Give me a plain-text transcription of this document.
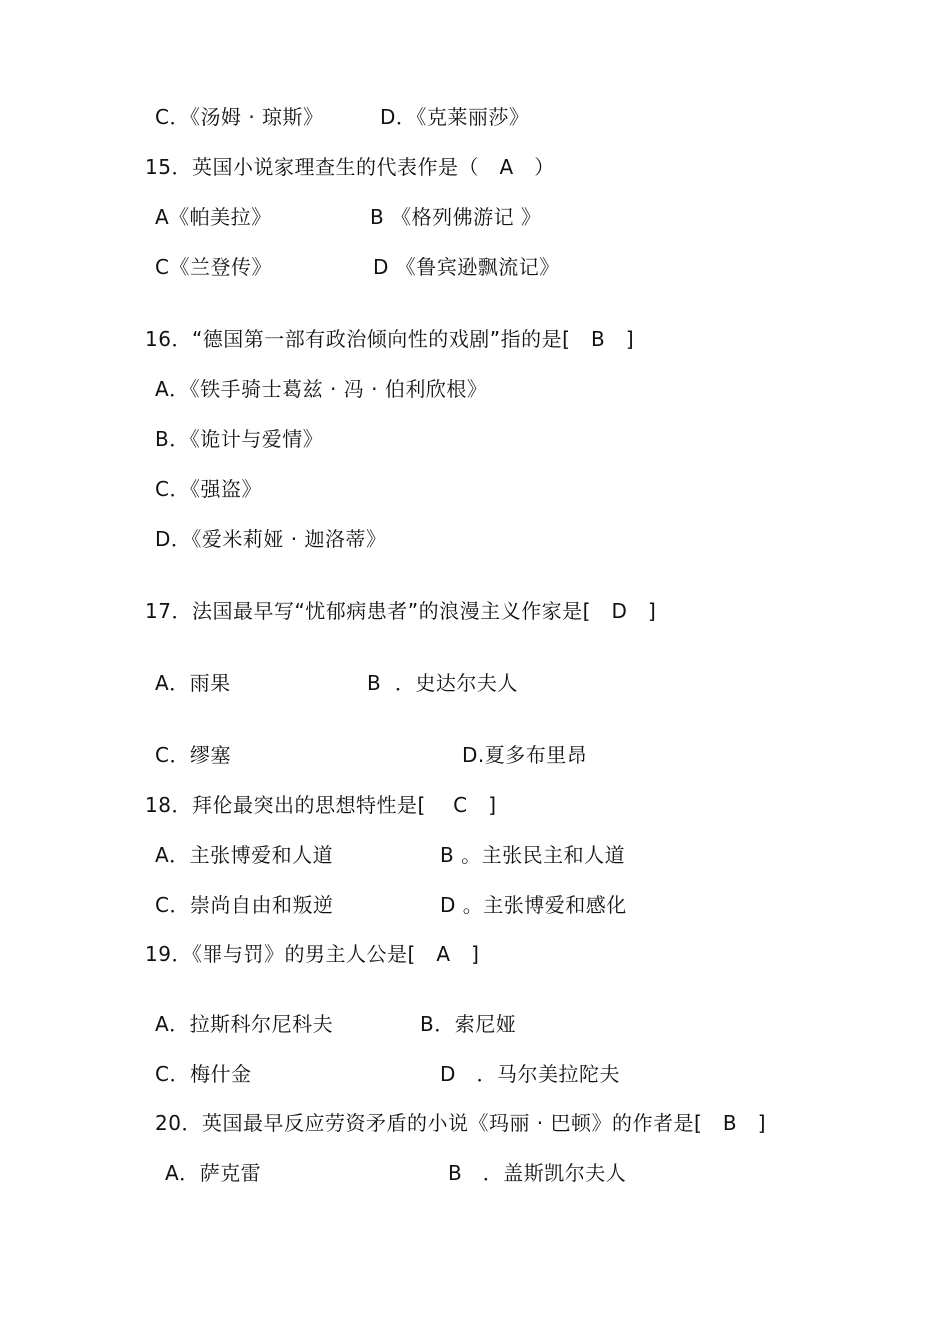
C．《汤姆 · 琼斯》	D．《克莱丽莎》
15．英国小说家理查生的代表作是（   A   ）
A《帕美拉》	B 《格列佛游记 》
C《兰登传》	D 《鲁宾逊飘流记》
16．“德国第一部有政治倾向性的戏剧”指的是[   B   ]
A．《铁手骑士葛兹 · 冯 · 伯利欣根》
B．《诡计与爱情》
C．《强盗》
D．《爱米莉娅 · 迦洛蒂》
17．法国最早写“忧郁病患者”的浪漫主义作家是[   D   ]
A．雨果	B  ．史达尔夫人
C．缪塞	D.夏多布里昂
18．拜伦最突出的思想特性是[    C   ]
A．主张博爱和人道	B 。主张民主和人道
C．崇尚自由和叛逆	D 。主张博爱和感化
19．《罪与罚》的男主人公是[   A   ]
A．拉斯科尔尼科夫	B．索尼娅
C．梅什金	D   ．马尔美拉陀夫
20．英国最早反应劳资矛盾的小说《玛丽 · 巴顿》的作者是[   B   ]
A．萨克雷	B   ．盖斯凯尔夫人
